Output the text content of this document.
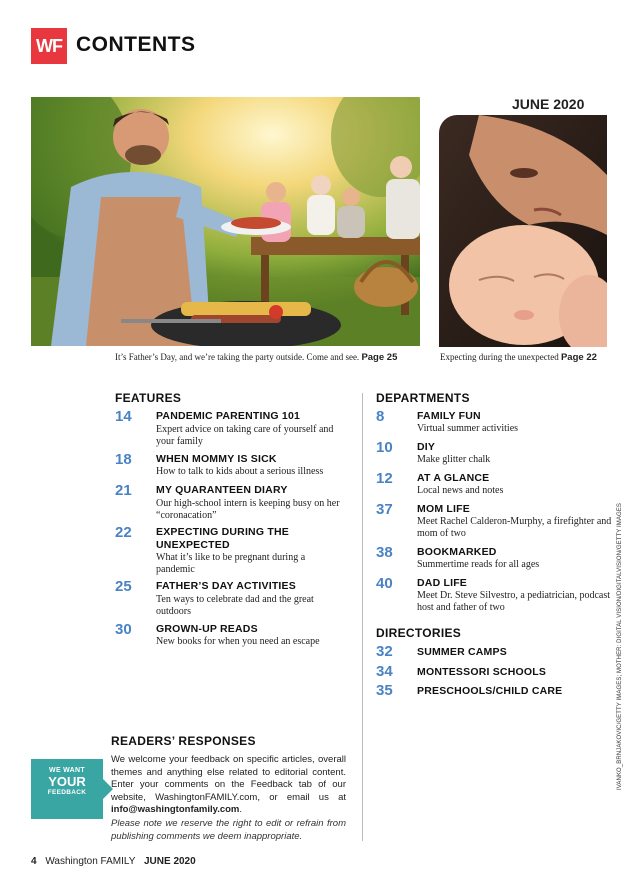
WF CONTENTS
JUNE 2020
It’s Father’s Day, and we’re taking the party outside. Come and see. Page 25	Expecting during the unexpected Page 22
FEATURES
14	PANDEMIC PARENTING 101
Expert advice on taking care of yourself and your family
18	WHEN MOMMY IS SICK
How to talk to kids about a serious illness
21	MY QUARANTEEN DIARY
Our high-school intern is keeping busy on her “coronacation”
22	EXPECTING DURING THE UNEXPECTED
What it’s like to be pregnant during a pandemic
25	FATHER’S DAY ACTIVITIES
Ten ways to celebrate dad and the great outdoors
30	GROWN-UP READS
New books for when you need an escape
DEPARTMENTS
8	FAMILY FUN
Virtual summer activities
10	DIY
Make glitter chalk
12	AT A GLANCE
Local news and notes
37	MOM LIFE
Meet Rachel Calderon-Murphy, a firefighter and mom of two
38	BOOKMARKED
Summertime reads for all ages
40	DAD LIFE
Meet Dr. Steve Silvestro, a pediatrician, podcast host and father of two
DIRECTORIES
32 SUMMER CAMPS
34 MONTESSORI SCHOOLS
35 PRESCHOOLS/CHILD CARE
READERS’ RESPONSES
WE WANT
YOUR
FEEDBACK
We welcome your feedback on specific articles, overall themes and anything else related to editorial content. Enter your comments on the Feedback tab of our website, WashingtonFAMILY.com, or email us at info@washingtonfamily.com.
Please note we reserve the right to edit or refrain from publishing comments we deem inappropriate.
4 Washington FAMILY JUNE 2020
IVANKO_BRNJAKOVIC/GETTY IMAGES; MOTHER: DIGITAL VISION/DIGITALVISION/GETTY IMAGES
